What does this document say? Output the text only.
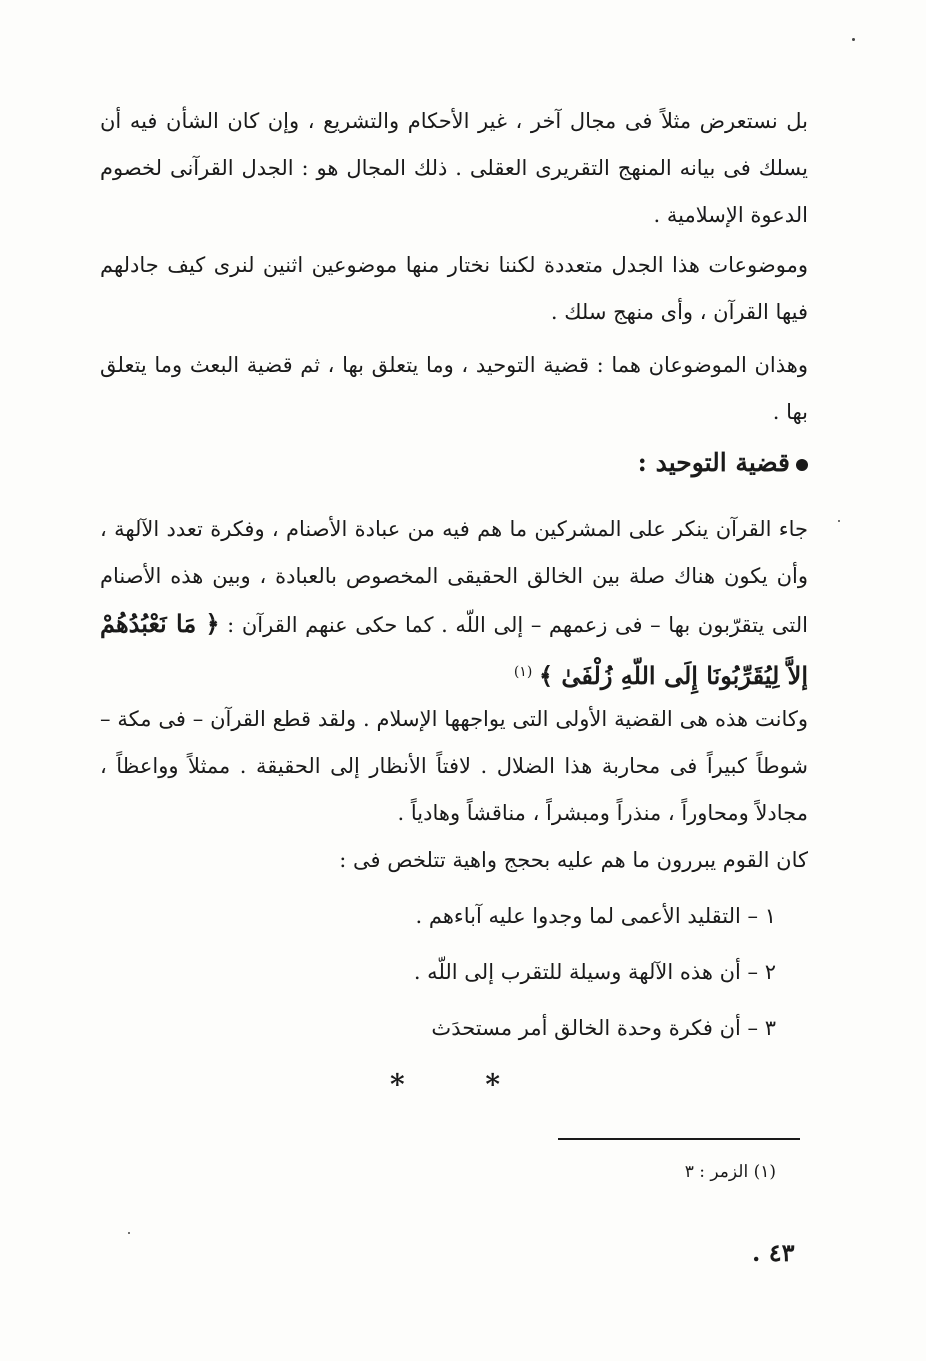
بل نستعرض مثلاً فى مجال آخر ، غير الأحكام والتشريع ، وإن كان الشأن فيه أن يسلك فى بيانه المنهج التقريرى العقلى . ذلك المجال هو : الجدل القرآنى لخصوم الدعوة الإسلامية .
وموضوعات هذا الجدل متعددة لكننا نختار منها موضوعين اثنين لنرى كيف جادلهم فيها القرآن ، وأى منهج سلك .
وهذان الموضوعان هما : قضية التوحيد ، وما يتعلق بها ، ثم قضية البعث وما يتعلق بها .
قضية التوحيد :
جاء القرآن ينكر على المشركين ما هم فيه من عبادة الأصنام ، وفكرة تعدد الآلهة ، وأن يكون هناك صلة بين الخالق الحقيقى المخصوص بالعبادة ، وبين هذه الأصنام التى يتقرّبون بها – فى زعمهم – إلى اللّه . كما حكى عنهم القرآن : ﴿ مَا نَعْبُدُهُمْ إلاَّ لِيُقَرِّبُونَا إِلَى اللّهِ زُلْفَىٰ ﴾ $^{(١)}$
وكانت هذه هى القضية الأولى التى يواجهها الإسلام . ولقد قطع القرآن – فى مكة – شوطاً كبيراً فى محاربة هذا الضلال . لافتاً الأنظار إلى الحقيقة . ممثلاً وواعظاً ، مجادلاً ومحاوراً ، منذراً ومبشراً ، مناقشاً وهادياً .
كان القوم يبررون ما هم عليه بحجج واهية تتلخص فى :
١ – التقليد الأعمى لما وجدوا عليه آباءهم .
٢ – أن هذه الآلهة وسيلة للتقرب إلى اللّه .
٣ – أن فكرة وحدة الخالق أمر مستحدَث
*	*
(١) الزمر : ٣
٤٣ .
